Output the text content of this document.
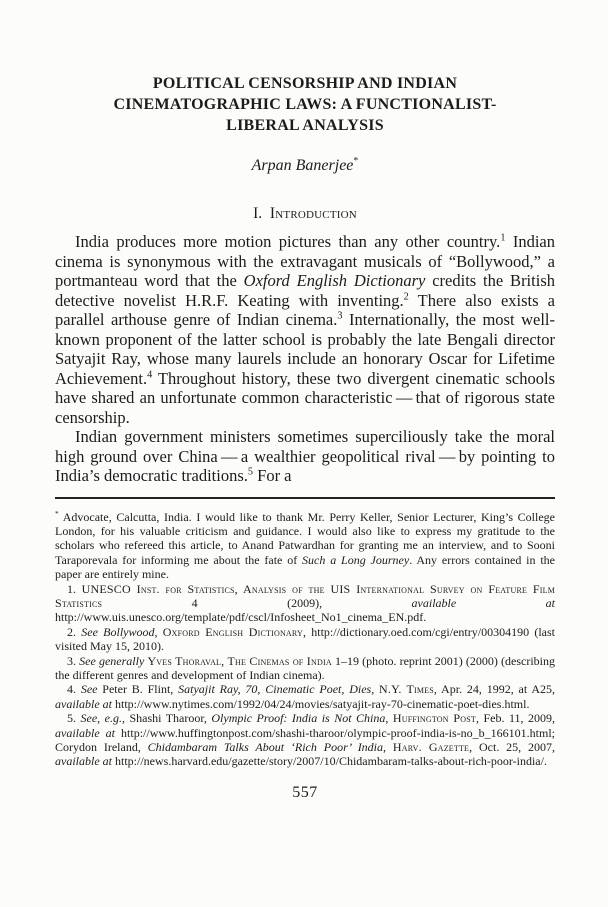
POLITICAL CENSORSHIP AND INDIAN
CINEMATOGRAPHIC LAWS: A FUNCTIONALIST-
LIBERAL ANALYSIS
Arpan Banerjee*
I. Introduction

India produces more motion pictures than any other country.$^1$ Indian cinema is synonymous with the extravagant musicals of “Bollywood,” a portmanteau word that the Oxford English Dictionary credits the British detective novelist H.R.F. Keating with inventing.$^2$ There also exists a parallel arthouse genre of Indian cinema.$^3$ Internationally, the most well-known proponent of the latter school is probably the late Bengali director Satyajit Ray, whose many laurels include an honorary Oscar for Lifetime Achievement.$^4$ Throughout history, these two divergent cinematic schools have shared an unfortunate common characteristic — that of rigorous state censorship.

Indian government ministers sometimes superciliously take the moral high ground over China — a wealthier geopolitical rival — by pointing to India’s democratic traditions.$^5$ For a

* Advocate, Calcutta, India. I would like to thank Mr. Perry Keller, Senior Lecturer, King’s College London, for his valuable criticism and guidance. I would also like to express my gratitude to the scholars who refereed this article, to Anand Patwardhan for granting me an interview, and to Sooni Taraporevala for informing me about the fate of Such a Long Journey. Any errors contained in the paper are entirely mine.

1. UNESCO Inst. for Statistics, Analysis of the UIS International Survey on Feature Film Statistics 4 (2009), available at http://www.uis.unesco.org/template/pdf/cscl/Infosheet_No1_cinema_EN.pdf.

2. See Bollywood, Oxford English Dictionary, http://dictionary.oed.com/cgi/entry/00304190 (last visited May 15, 2010).

3. See generally Yves Thoraval, The Cinemas of India 1–19 (photo. reprint 2001) (2000) (describing the different genres and development of Indian cinema).

4. See Peter B. Flint, Satyajit Ray, 70, Cinematic Poet, Dies, N.Y. Times, Apr. 24, 1992, at A25, available at http://www.nytimes.com/1992/04/24/movies/satyajit-ray-70-cinematic-poet-dies.html.

5. See, e.g., Shashi Tharoor, Olympic Proof: India is Not China, Huffington Post, Feb. 11, 2009, available at http://www.huffingtonpost.com/shashi-tharoor/olympic-proof-india-is-no_b_166101.html; Corydon Ireland, Chidambaram Talks About ‘Rich Poor’ India, Harv. Gazette, Oct. 25, 2007, available at http://news.harvard.edu/gazette/story/2007/10/Chidambaram-talks-about-rich-poor-india/.

557
